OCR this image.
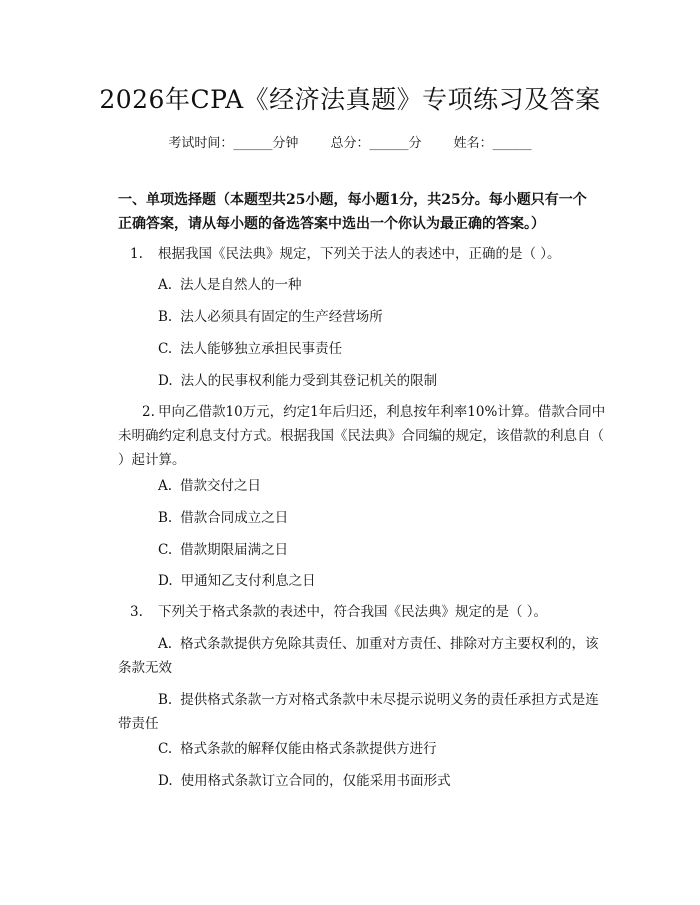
2026年CPA《经济法真题》专项练习及答案
考试时间：______分钟 总分：______分 姓名：______
一、单项选择题（本题型共25小题，每小题1分，共25分。每小题只有一个正确答案，请从每小题的备选答案中选出一个你认为最正确的答案。）
1. 根据我国《民法典》规定，下列关于法人的表述中，正确的是（ ）。
A. 法人是自然人的一种
B. 法人必须具有固定的生产经营场所
C. 法人能够独立承担民事责任
D. 法人的民事权利能力受到其登记机关的限制
2. 甲向乙借款10万元，约定1年后归还，利息按年利率10%计算。借款合同中未明确约定利息支付方式。根据我国《民法典》合同编的规定，该借款的利息自（ ）起计算。
A. 借款交付之日
B. 借款合同成立之日
C. 借款期限届满之日
D. 甲通知乙支付利息之日
3. 下列关于格式条款的表述中，符合我国《民法典》规定的是（ ）。
A. 格式条款提供方免除其责任、加重对方责任、排除对方主要权利的，该条款无效
B. 提供格式条款一方对格式条款中未尽提示说明义务的责任承担方式是连带责任
C. 格式条款的解释仅能由格式条款提供方进行
D. 使用格式条款订立合同的，仅能采用书面形式
